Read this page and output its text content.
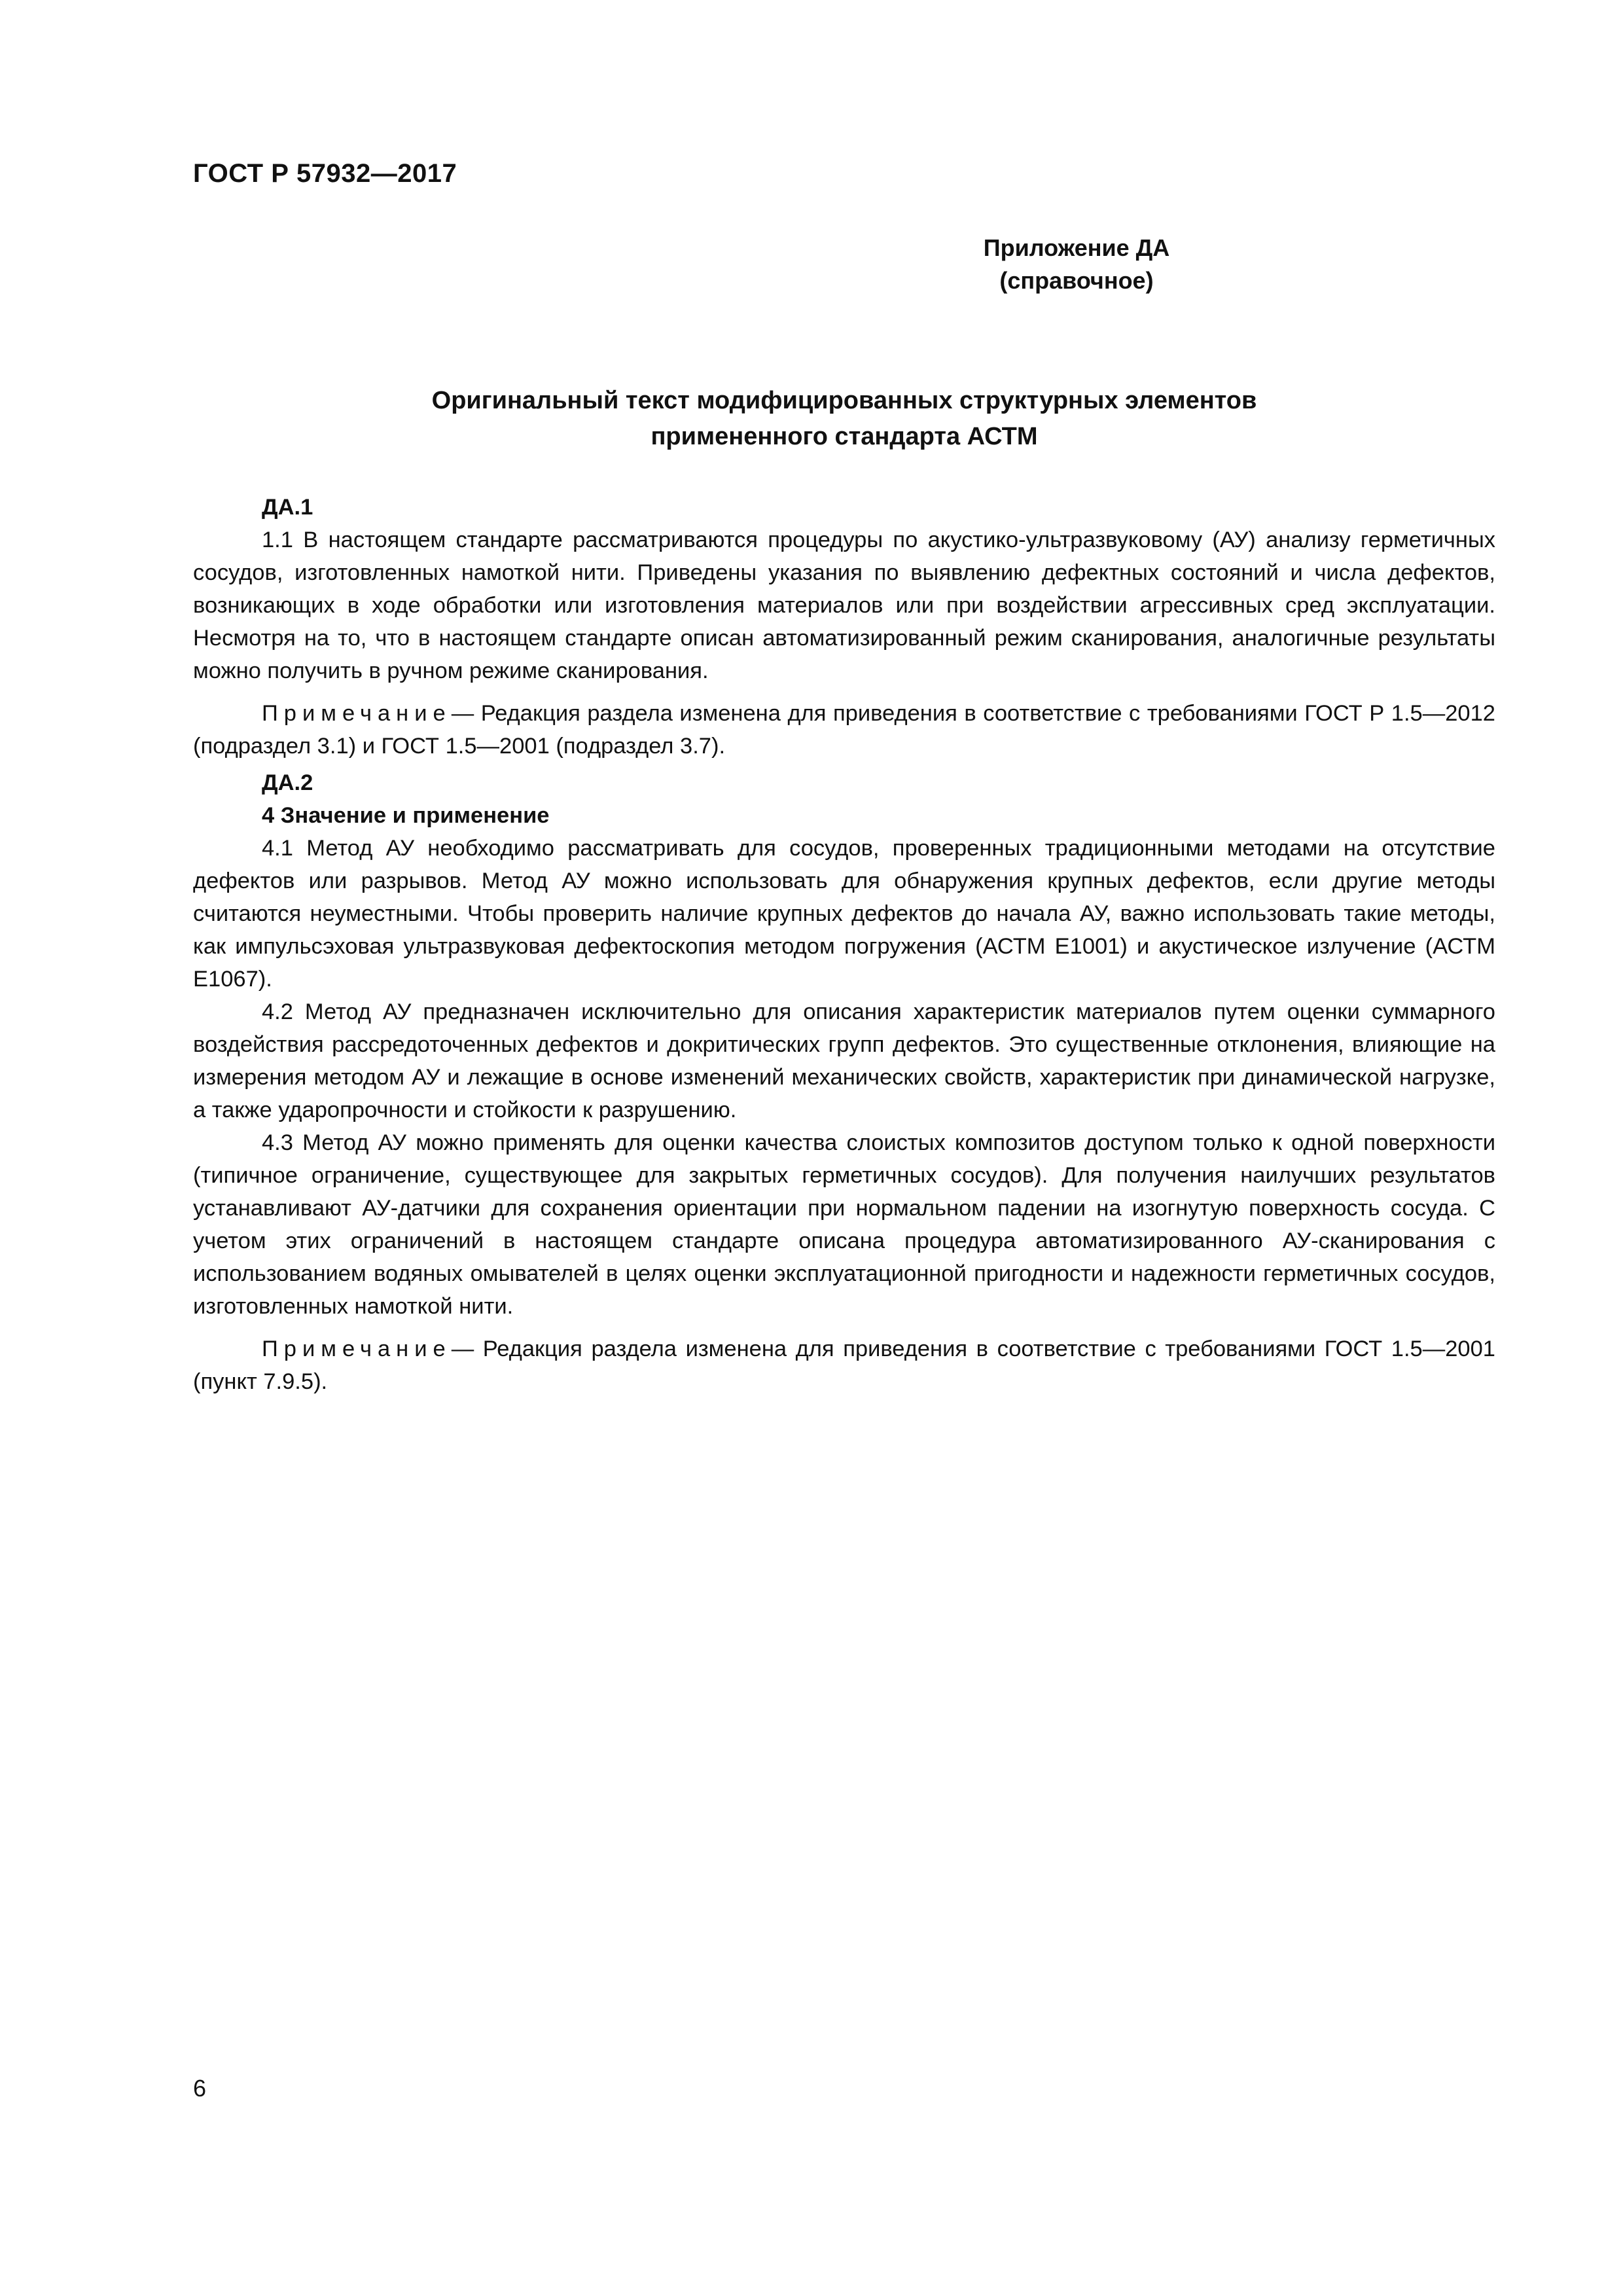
ГОСТ Р 57932—2017
Приложение ДА
(справочное)
Оригинальный текст модифицированных структурных элементов
примененного стандарта АСТМ
ДА.1

1.1 В настоящем стандарте рассматриваются процедуры по акустико-ультразвуковому (АУ) анализу герметичных сосудов, изготовленных намоткой нити. Приведены указания по выявлению дефектных состояний и числа дефектов, возникающих в ходе обработки или изготовления материалов или при воздействии агрессивных сред эксплуатации. Несмотря на то, что в настоящем стандарте описан автоматизированный режим сканирования, аналогичные результаты можно получить в ручном режиме сканирования.

Примечание— Редакция раздела изменена для приведения в соответствие с требованиями ГОСТ Р 1.5—2012 (подраздел 3.1) и ГОСТ 1.5—2001 (подраздел 3.7).

ДА.2
4 Значение и применение

4.1 Метод АУ необходимо рассматривать для сосудов, проверенных традиционными методами на отсутствие дефектов или разрывов. Метод АУ можно использовать для обнаружения крупных дефектов, если другие методы считаются неуместными. Чтобы проверить наличие крупных дефектов до начала АУ, важно использовать такие методы, как импульсэховая ультразвуковая дефектоскопия методом погружения (АСТМ Е1001) и акустическое излучение (АСТМ Е1067).

4.2 Метод АУ предназначен исключительно для описания характеристик материалов путем оценки суммарного воздействия рассредоточенных дефектов и докритических групп дефектов. Это существенные отклонения, влияющие на измерения методом АУ и лежащие в основе изменений механических свойств, характеристик при динамической нагрузке, а также ударопрочности и стойкости к разрушению.

4.3 Метод АУ можно применять для оценки качества слоистых композитов доступом только к одной поверхности (типичное ограничение, существующее для закрытых герметичных сосудов). Для получения наилучших результатов устанавливают АУ-датчики для сохранения ориентации при нормальном падении на изогнутую поверхность сосуда. С учетом этих ограничений в настоящем стандарте описана процедура автоматизированного АУ-сканирования с использованием водяных омывателей в целях оценки эксплуатационной пригодности и надежности герметичных сосудов, изготовленных намоткой нити.

Примечание— Редакция раздела изменена для приведения в соответствие с требованиями ГОСТ 1.5—2001 (пункт 7.9.5).

6
